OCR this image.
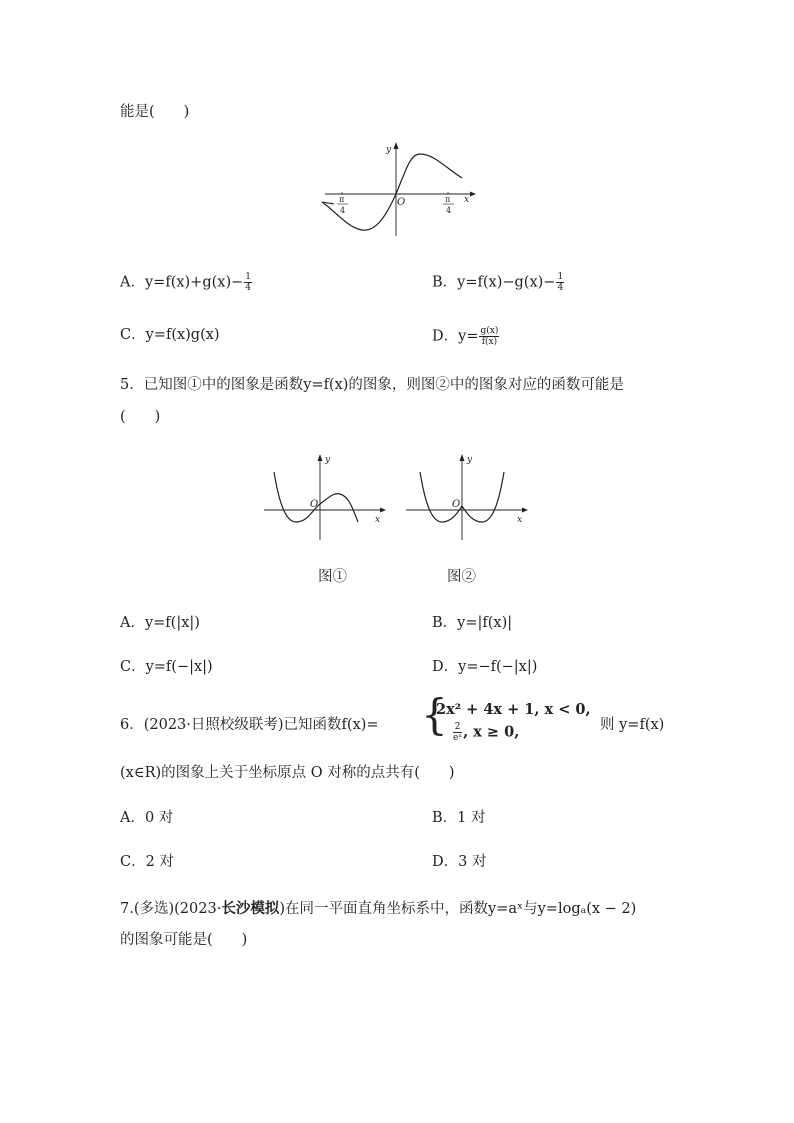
能是(　　)
y
x
O
− π
4
π
4
A．$y=f(x)+g(x)- \frac{1}{4}$	B．$y=f(x)-g(x)- \frac{1}{4}$
C．y=f(x)g(x)	D．$y= \frac{g(x)}{f(x)}$
5．已知图①中的图象是函数y=f(x)的图象，则图②中的图象对应的函数可能是
(　　)
y
x
O
y
x
O
图①	图②
A．y=f(|x|)	B．y=|f(x)|
C．y=f(−|x|)	D．y=−f(−|x|)
6．(2023·日照校级联考)已知函数f(x)= {
2x² + 4x + 1, x < 0,
$\frac{2}{\text{eˣ}}$ , x ≥ 0,	则 y=f(x)
(x∈R)的图象上关于坐标原点 O 对称的点共有(　　)
A．0 对	B．1 对
C．2 对	D．3 对
7.(多选)(2023·长沙模拟)在同一平面直角坐标系中，函数y=aˣ与y=logₐ(x − 2)
的图象可能是(　　)
